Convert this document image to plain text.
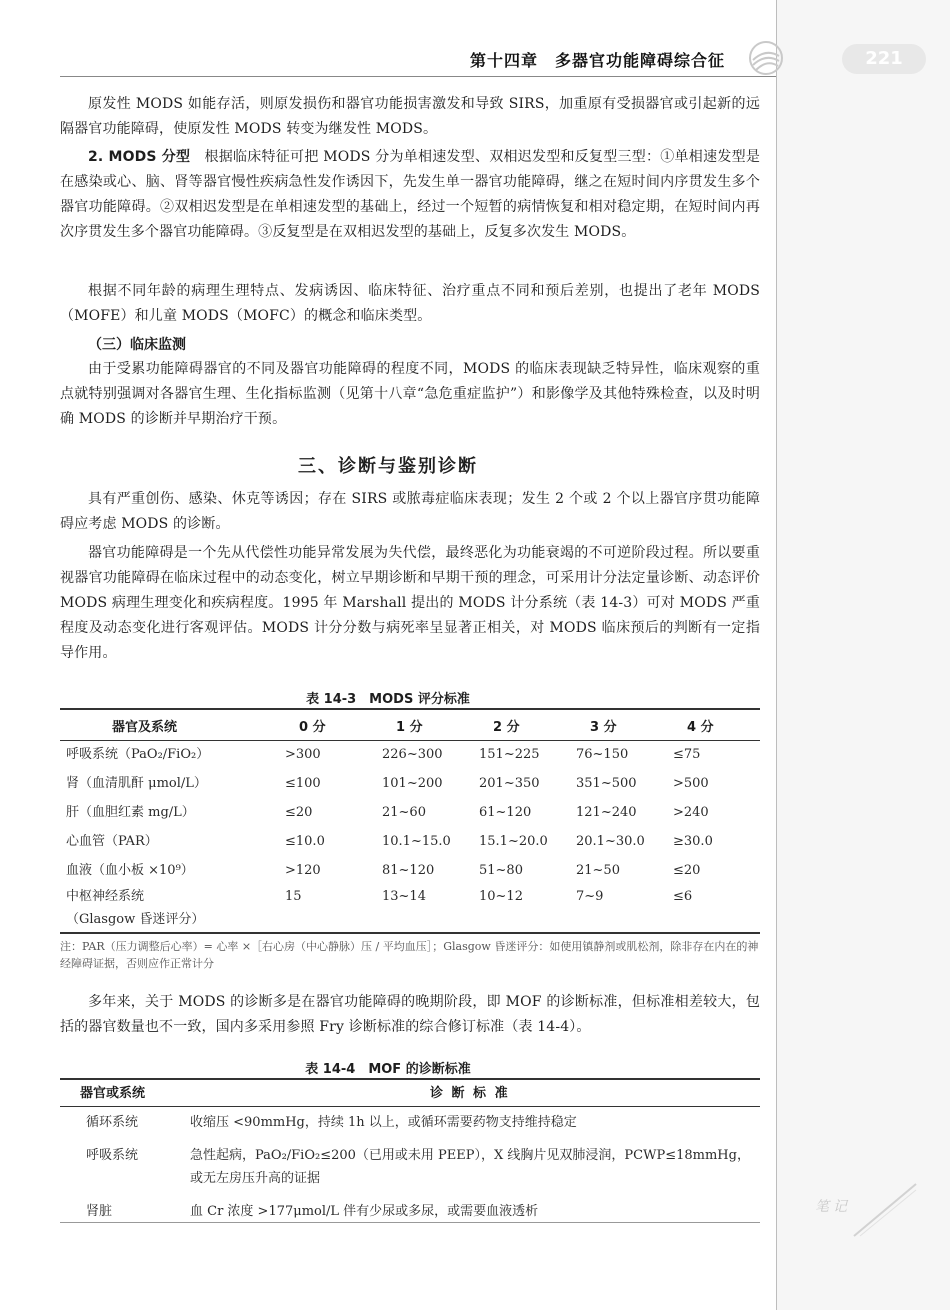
第十四章　多器官功能障碍综合征	221

原发性 MODS 如能存活，则原发损伤和器官功能损害激发和导致 SIRS，加重原有受损器官或引起新的远隔器官功能障碍，使原发性 MODS 转变为继发性 MODS。

2. MODS 分型　 根据临床特征可把 MODS 分为单相速发型、双相迟发型和反复型三型：①单相速发型是在感染或心、脑、肾等器官慢性疾病急性发作诱因下，先发生单一器官功能障碍，继之在短时间内序贯发生多个器官功能障碍。②双相迟发型是在单相速发型的基础上，经过一个短暂的病情恢复和相对稳定期，在短时间内再次序贯发生多个器官功能障碍。③反复型是在双相迟发型的基础上，反复多次发生 MODS。

根据不同年龄的病理生理特点、发病诱因、临床特征、治疗重点不同和预后差别，也提出了老年 MODS（MOFE）和儿童 MODS（MOFC）的概念和临床类型。

（三）临床监测

由于受累功能障碍器官的不同及器官功能障碍的程度不同，MODS 的临床表现缺乏特异性，临床观察的重点就特别强调对各器官生理、生化指标监测（见第十八章“急危重症监护”）和影像学及其他特殊检查，以及时明确 MODS 的诊断并早期治疗干预。

三、诊断与鉴别诊断

具有严重创伤、感染、休克等诱因；存在 SIRS 或脓毒症临床表现；发生 2 个或 2 个以上器官序贯功能障碍应考虑 MODS 的诊断。

器官功能障碍是一个先从代偿性功能异常发展为失代偿，最终恶化为功能衰竭的不可逆阶段过程。所以要重视器官功能障碍在临床过程中的动态变化，树立早期诊断和早期干预的理念，可采用计分法定量诊断、动态评价 MODS 病理生理变化和疾病程度。1995 年 Marshall 提出的 MODS 计分系统（表 14-3）可对 MODS 严重程度及动态变化进行客观评估。MODS 计分分数与病死率呈显著正相关，对 MODS 临床预后的判断有一定指导作用。

表 14-3　MODS 评分标准

器官及系统	0 分	1 分	2 分	3 分	4 分
呼吸系统（PaO₂/FiO₂）	>300	226~300	151~225	76~150	≤75
肾（血清肌酐 μmol/L）	≤100	101~200	201~350	351~500	>500
肝（血胆红素 mg/L）	≤20	21~60	61~120	121~240	>240
心血管（PAR）	≤10.0	10.1~15.0	15.1~20.0	20.1~30.0	≥30.0
血液（血小板 ×10⁹）	>120	81~120	51~80	21~50	≤20
中枢神经系统
（Glasgow 昏迷评分）	15	13~14	10~12	7~9	≤6

注：PAR（压力调整后心率）= 心率 ×［右心房（中心静脉）压 / 平均血压］；Glasgow 昏迷评分：如使用镇静剂或肌松剂，除非存在内在的神经障碍证据，否则应作正常计分

多年来，关于 MODS 的诊断多是在器官功能障碍的晚期阶段，即 MOF 的诊断标准，但标准相差较大，包括的器官数量也不一致，国内多采用参照 Fry 诊断标准的综合修订标准（表 14-4）。

表 14-4　MOF 的诊断标准

器官或系统	诊 断 标 准
循环系统	收缩压 <90mmHg，持续 1h 以上，或循环需要药物支持维持稳定
呼吸系统	急性起病，PaO₂/FiO₂≤200（已用或未用 PEEP），X 线胸片见双肺浸润，PCWP≤18mmHg，或无左房压升高的证据
肾脏	血 Cr 浓度 >177μmol/L 伴有少尿或多尿，或需要血液透析	笔记
